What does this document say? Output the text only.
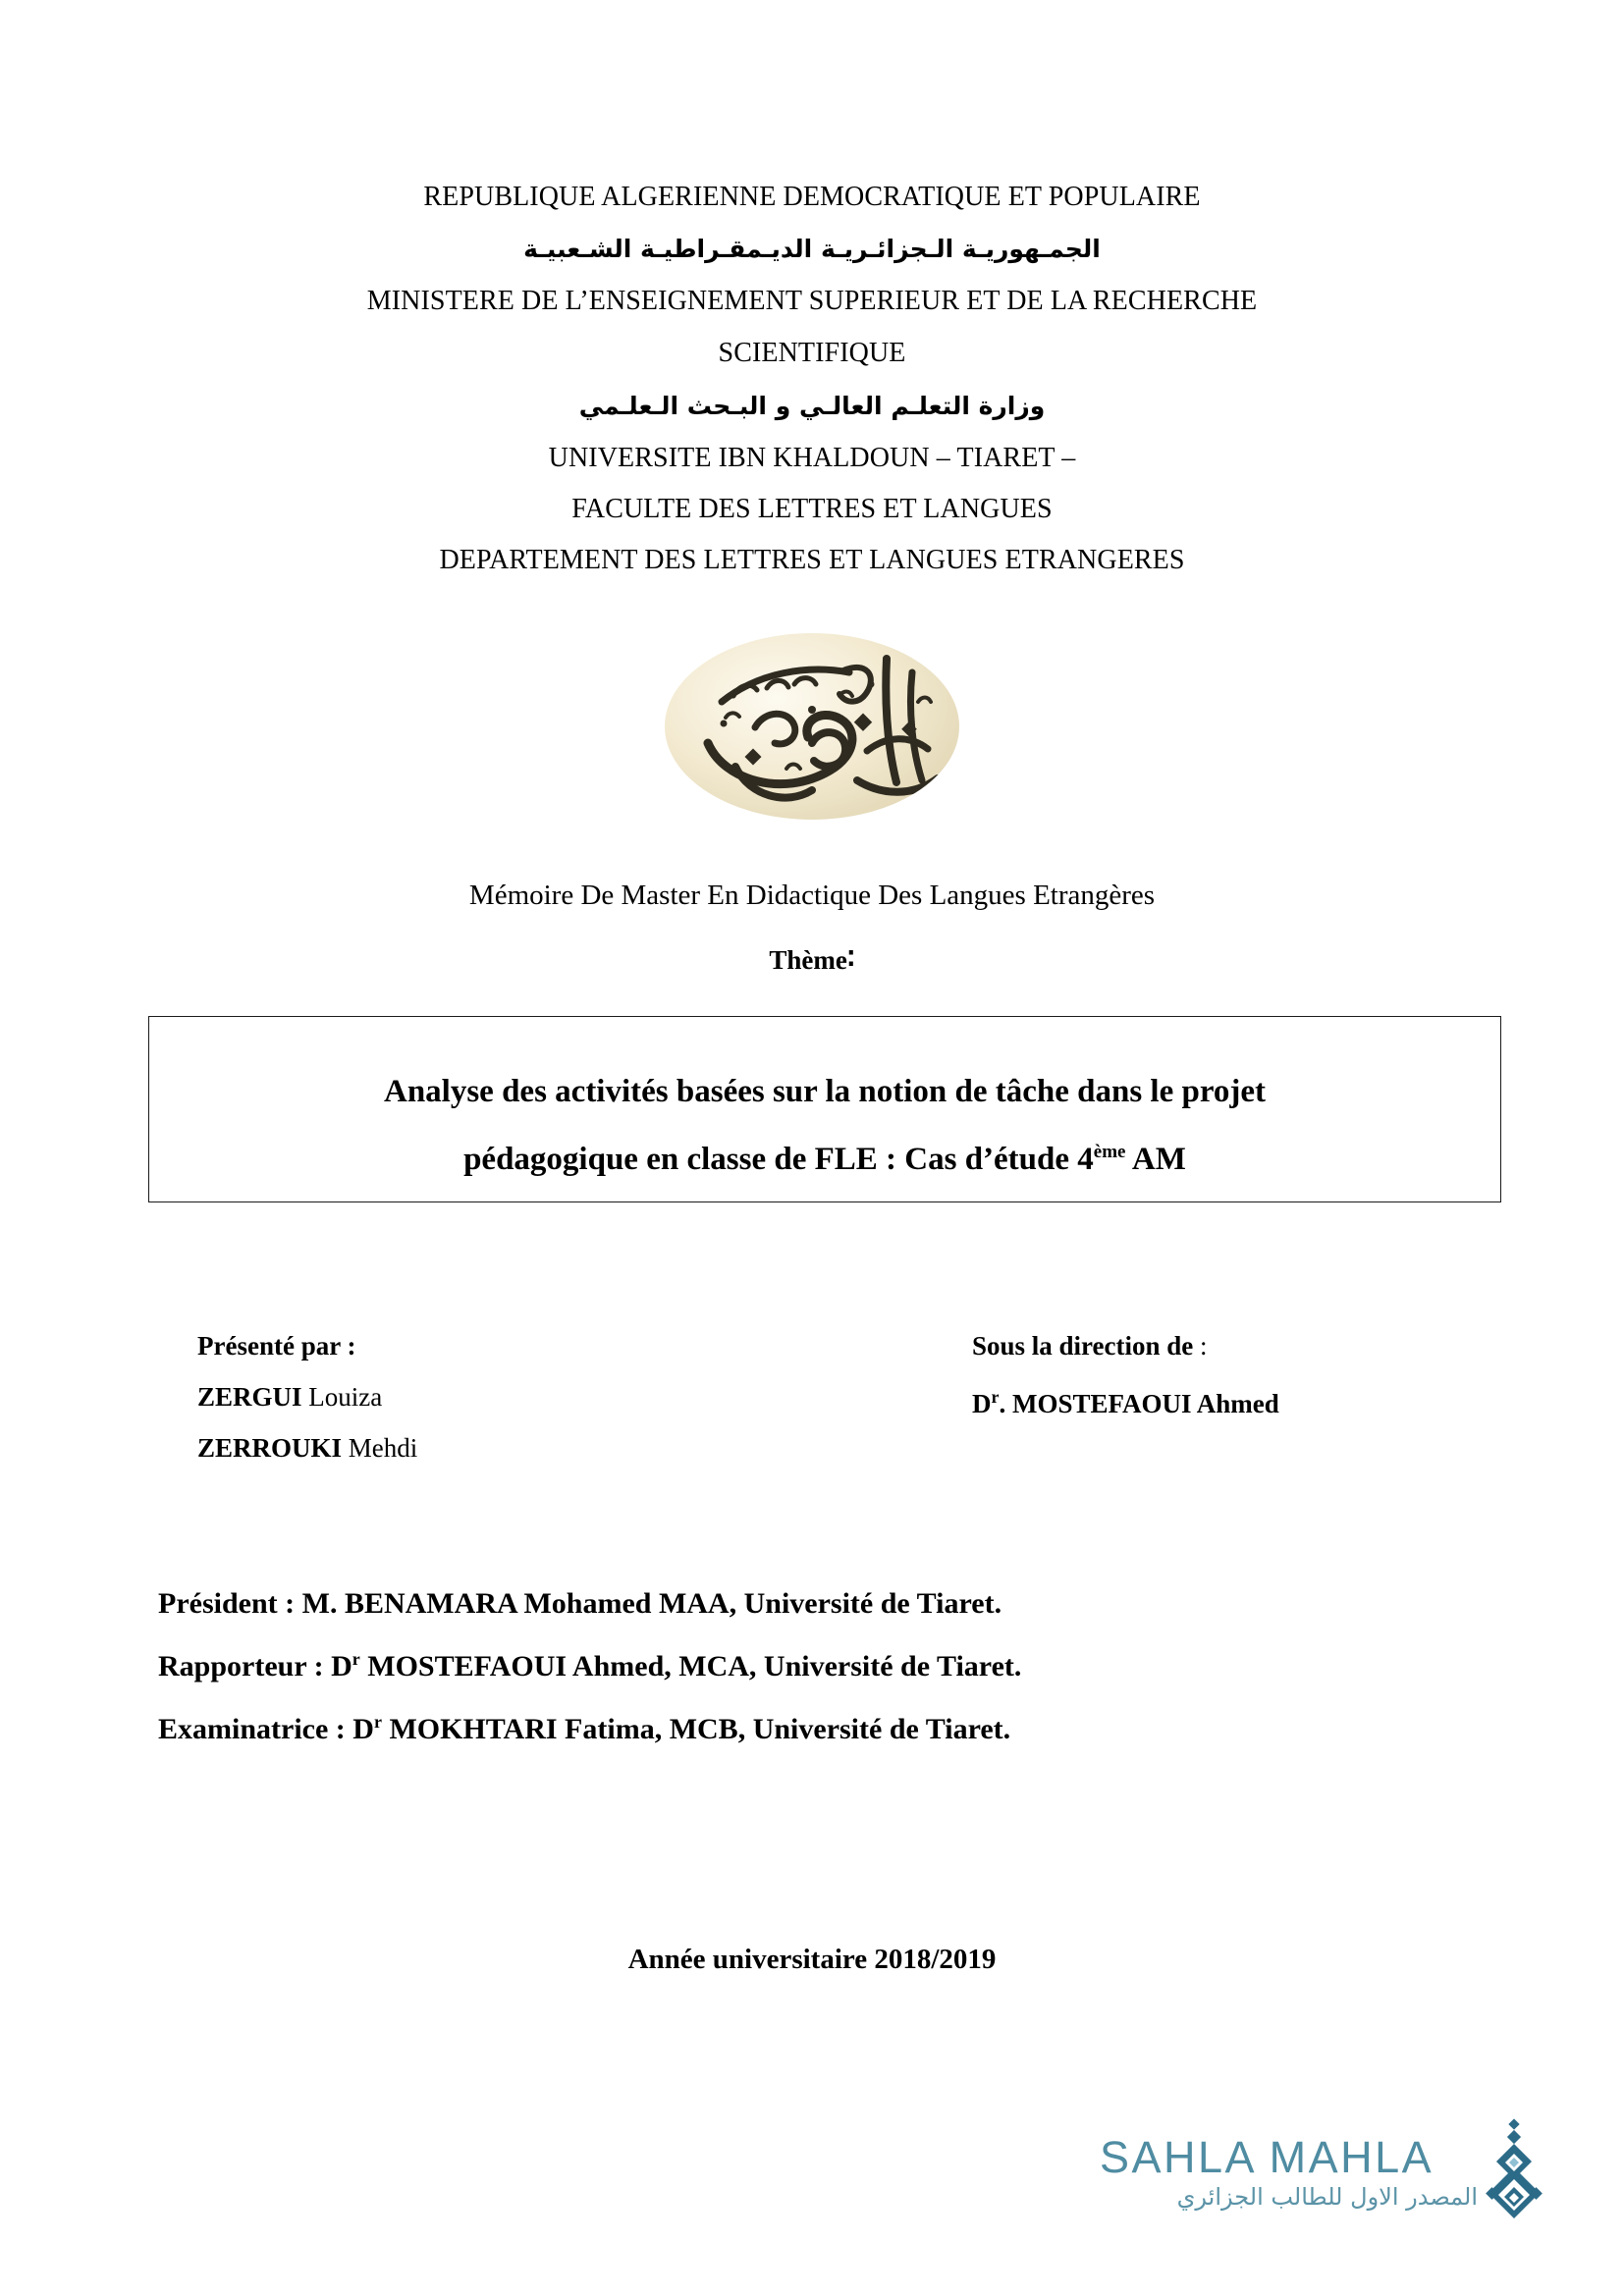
REPUBLIQUE ALGERIENNE DEMOCRATIQUE ET POPULAIRE
الجمـهوريـة الـجزائـريـة الديـمقـراطيـة الشـعبيـة
MINISTERE DE L’ENSEIGNEMENT SUPERIEUR ET DE LA RECHERCHE
SCIENTIFIQUE
وزارة التعلـم العالـي و البـحث الـعلـمي
UNIVERSITE IBN KHALDOUN – TIARET –
FACULTE DES LETTRES ET LANGUES
DEPARTEMENT DES LETTRES ET LANGUES ETRANGERES
Mémoire De Master En Didactique Des Langues Etrangères
Thème∶
Analyse des activités basées sur la notion de tâche dans le projet
pédagogique en classe de FLE : Cas d’étude 4ème AM
Présenté par :
ZERGUI Louiza
ZERROUKI Mehdi
Sous la direction de :
$D^r$. MOSTEFAOUI Ahmed
Président : M. BENAMARA Mohamed MAA, Université de Tiaret.
Rapporteur : $D^r$ MOSTEFAOUI Ahmed, MCA, Université de Tiaret.
Examinatrice : $D^r$ MOKHTARI Fatima, MCB, Université de Tiaret.
Année universitaire 2018/2019
SAHLA MAHLA
المصدر الاول للطالب الجزائري
